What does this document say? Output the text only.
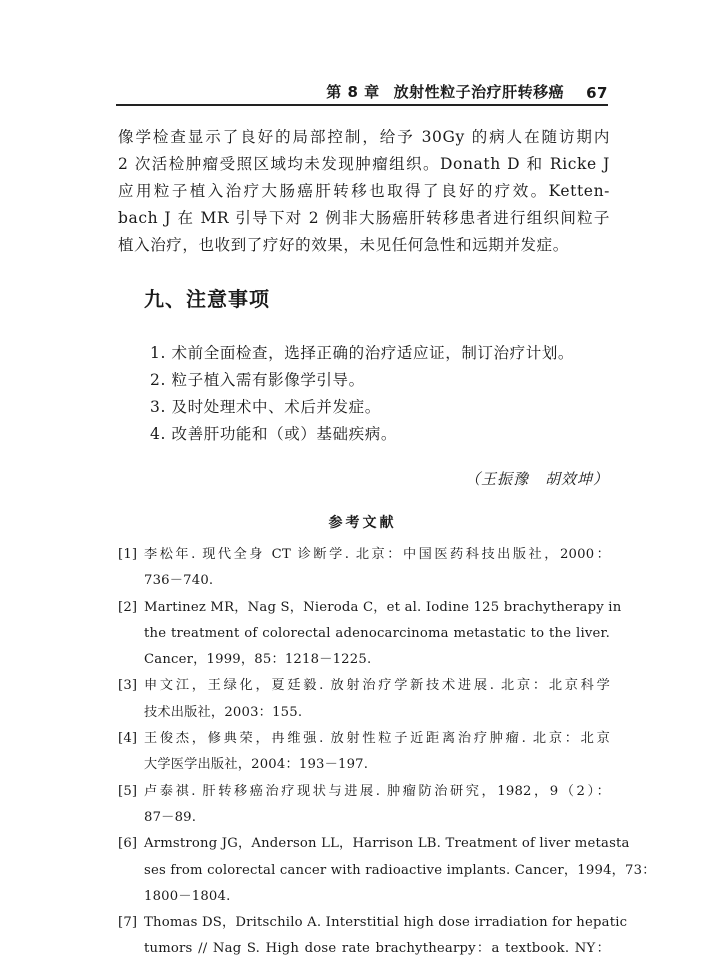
第 8 章 放射性粒子治疗肝转移癌 67
像学检查显示了良好的局部控制，给予 30Gy 的病人在随访期内
2 次活检肿瘤受照区域均未发现肿瘤组织。Donath D 和 Ricke J
应用粒子植入治疗大肠癌肝转移也取得了良好的疗效。Ketten-
bach J 在 MR 引导下对 2 例非大肠癌肝转移患者进行组织间粒子
植入治疗，也收到了疗好的效果，未见任何急性和远期并发症。
九、注意事项
1. 术前全面检查，选择正确的治疗适应证，制订治疗计划。
2. 粒子植入需有影像学引导。
3. 及时处理术中、术后并发症。
4. 改善肝功能和（或）基础疾病。
（王振豫　胡效坤）
参考文献
[1] 李松年. 现代全身 CT 诊断学. 北京：中国医药科技出版社，2000：
736－740.
[2] Martinez MR，Nag S，Nieroda C，et al. Iodine 125 brachytherapy in
the treatment of colorectal adenocarcinoma metastatic to the liver.
Cancer，1999，85：1218－1225.
[3] 申文江，王绿化，夏廷毅. 放射治疗学新技术进展. 北京：北京科学
技术出版社，2003：155.
[4] 王俊杰，修典荣，冉维强. 放射性粒子近距离治疗肿瘤. 北京：北京
大学医学出版社，2004：193－197.
[5] 卢泰祺. 肝转移癌治疗现状与进展. 肿瘤防治研究，1982，9（2）：
87－89.
[6] Armstrong JG，Anderson LL，Harrison LB. Treatment of liver metasta
ses from colorectal cancer with radioactive implants. Cancer，1994，73：
1800－1804.
[7] Thomas DS，Dritschilo A. Interstitial high dose irradiation for hepatic
tumors // Nag S. High dose rate brachythearpy：a textbook. NY：
